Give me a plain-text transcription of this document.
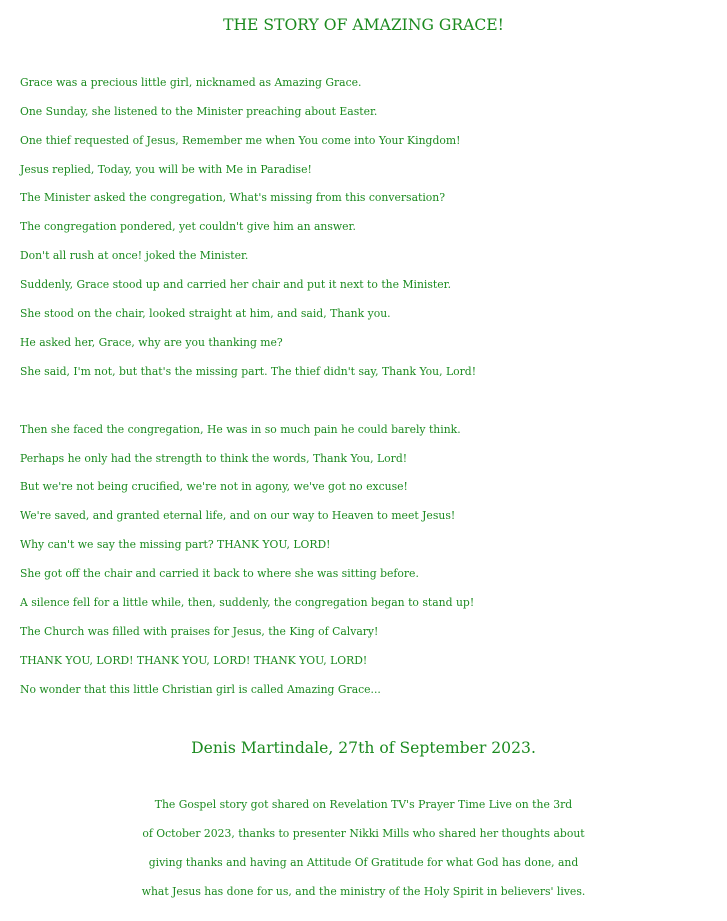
THE STORY OF AMAZING GRACE!

Grace was a precious little girl, nicknamed as Amazing Grace.

One Sunday, she listened to the Minister preaching about Easter.

One thief requested of Jesus, Remember me when You come into Your Kingdom!

Jesus replied, Today, you will be with Me in Paradise!

The Minister asked the congregation, What's missing from this conversation?

The congregation pondered, yet couldn't give him an answer.

Don't all rush at once! joked the Minister.

Suddenly, Grace stood up and carried her chair and put it next to the Minister.

She stood on the chair, looked straight at him, and said, Thank you.

He asked her, Grace, why are you thanking me?

She said, I'm not, but that's the missing part. The thief didn't say, Thank You, Lord!

Then she faced the congregation, He was in so much pain he could barely think.

Perhaps he only had the strength to think the words, Thank You, Lord!

But we're not being crucified, we're not in agony, we've got no excuse!

We're saved, and granted eternal life, and on our way to Heaven to meet Jesus!

Why can't we say the missing part? THANK YOU, LORD!

She got off the chair and carried it back to where she was sitting before.

A silence fell for a little while, then, suddenly, the congregation began to stand up!

The Church was filled with praises for Jesus, the King of Calvary!

THANK YOU, LORD! THANK YOU, LORD! THANK YOU, LORD!

No wonder that this little Christian girl is called Amazing Grace...

Denis Martindale, 27th of September 2023.

The Gospel story got shared on Revelation TV's Prayer Time Live on the 3rd

of October 2023, thanks to presenter Nikki Mills who shared her thoughts about

giving thanks and having an Attitude Of Gratitude for what God has done, and

what Jesus has done for us, and the ministry of the Holy Spirit in believers' lives.
